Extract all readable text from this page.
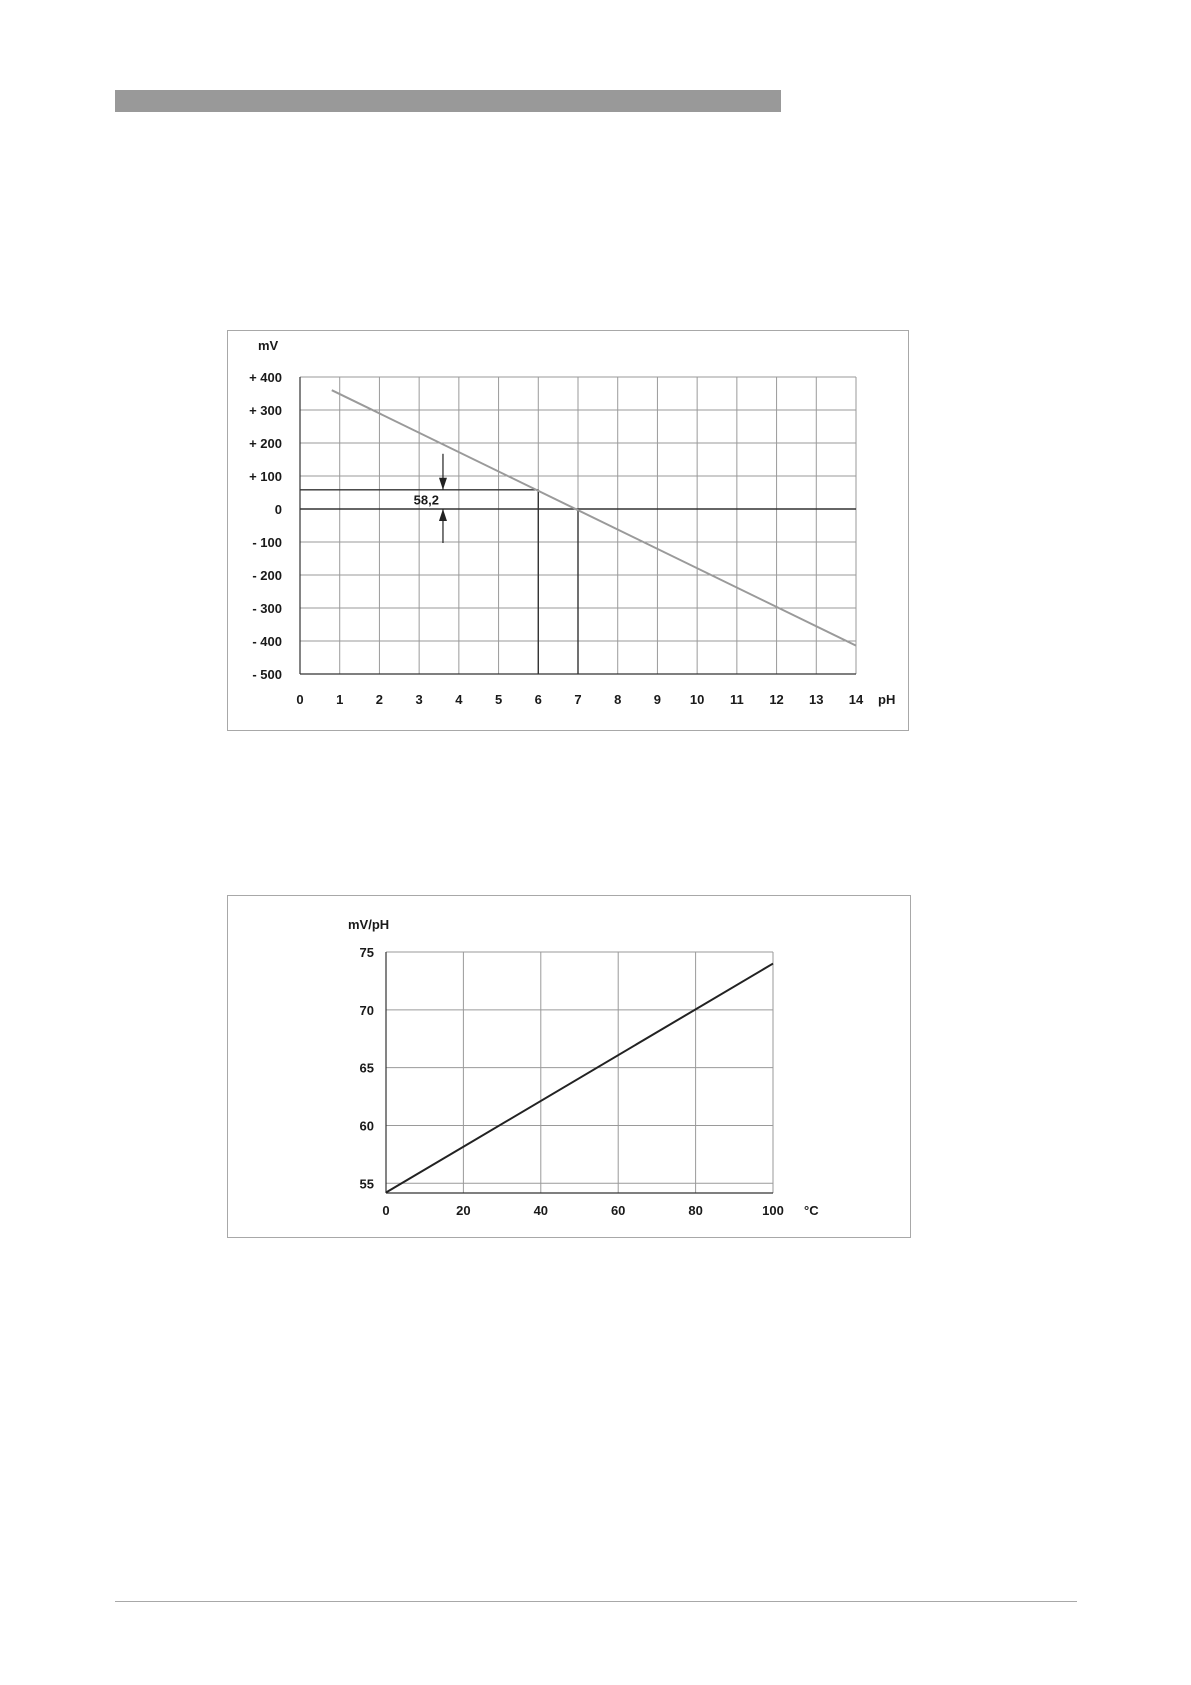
0 1 2 3 4 5 6 7 8 9 10 11 12 13 14
+ 400
+ 300
+ 200
+ 100
0
- 100
- 200
- 300
- 400
- 500
mV
pH
58,2
0	20	40	60	80	100
55
60
65
70
75
mV/pH
°C
